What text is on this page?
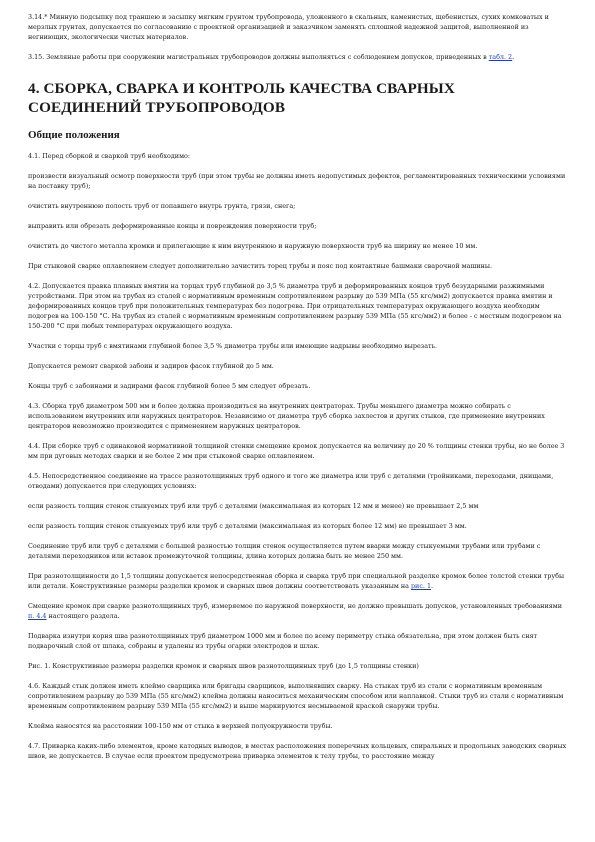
3.14.* Минную подсыпку под траншею и засыпку мягким грунтом трубопровода, уложенного в скальных, каменистых, щебенистых, сухих комковатых и мерзлых грунтах, допускается по согласованию с проектной организацией и заказчиком заменять сплошной надежной защитой, выполненной из негниющих, экологически чистых материалов.

3.15. Земляные работы при сооружении магистральных трубопроводов должны выполняться с соблюдением допусков, приведенных в табл. 2.

4. СБОРКА, СВАРКА И КОНТРОЛЬ КАЧЕСТВА СВАРНЫХ СОЕДИНЕНИЙ ТРУБОПРОВОДОВ
Общие положения

4.1. Перед сборкой и сваркой труб необходимо:

произвести визуальный осмотр поверхности труб (при этом трубы не должны иметь недопустимых дефектов, регламентированных техническими условиями на поставку труб);

очистить внутреннюю полость труб от попавшего внутрь грунта, грязи, снега;

выправить или обрезать деформированные концы и повреждения поверхности труб;

очистить до чистого металла кромки и прилегающие к ним внутреннюю и наружную поверхности труб на ширину не менее 10 мм.

При стыковой сварке оплавлением следует дополнительно зачистить торец трубы и пояс под контактные башмаки сварочной машины.

4.2. Допускается правка плавных вмятин на торцах труб глубиной до 3,5 % диаметра труб и деформированных концов труб безударными разжимными устройствами. При этом на трубах из сталей с нормативным временным сопротивлением разрыву до 539 МПа (55 кгс/мм2) допускается правка вмятин и деформированных концов труб при положительных температурах без подогрева. При отрицательных температурах окружающего воздуха необходим подогрев на 100-150 °С. На трубах из сталей с нормативным временным сопротивлением разрыву 539 МПа (55 кгс/мм2) и более - с местным подогревом на 150-200 °С при любых температурах окружающего воздуха.

Участки с торцы труб с вмятинами глубиной более 3,5 % диаметра трубы или имеющие надрывы необходимо вырезать.

Допускается ремонт сваркой забоин и задиров фасок глубиной до 5 мм.

Концы труб с забоинами и задирами фасок глубиной более 5 мм следует обрезать.

4.3. Сборка труб диаметром 500 мм и более должна производиться на внутренних центраторах. Трубы меньшего диаметра можно собирать с использованием внутренних или наружных центраторов. Независимо от диаметра труб сборка захлестов и других стыков, где применение внутренних центраторов невозможно производится с применением наружных центраторов.

4.4. При сборке труб с одинаковой нормативной толщиной стенки смещение кромок допускается на величину до 20 % толщины стенки трубы, но не более 3 мм при дуговых методах сварки и не более 2 мм при стыковой сварке оплавлением.

4.5. Непосредственное соединение на трассе разнотолщинных труб одного и того же диаметра или труб с деталями (тройниками, переходами, днищами, отводами) допускается при следующих условиях:

если разность толщин стенок стыкуемых труб или труб с деталями (максимальная из которых 12 мм и менее) не превышает 2,5 мм

если разность толщин стенок стыкуемых труб или труб с деталями (максимальная из которых более 12 мм) не превышает 3 мм.

Соединение труб или труб с деталями с большей разностью толщин стенок осуществляется путем вварки между стыкуемыми трубами или трубами с деталями переходников или вставок промежуточной толщины, длина которых должна быть не менее 250 мм.

При разнотолщинности до 1,5 толщины допускается непосредственная сборка и сварка труб при специальной разделке кромок более толстой стенки трубы или детали. Конструктивные размеры разделки кромок и сварных швов должны соответствовать указанным на рис. 1.

Смещение кромок при сварке разнотолщинных труб, измеряемое по наружной поверхности, не должно превышать допусков, установленных требованиями п. 4.4 настоящего раздела.

Подварка изнутри корня шва разнотолщинных труб диаметром 1000 мм и более по всему периметру стыка обязательна, при этом должен быть снят подварочный слой от шлака, собраны и удалены из трубы огарки электродов и шлак.

Рис. 1. Конструктивные размеры разделки кромок и сварных швов разнотолщинных труб (до 1,5 толщины стенки)

4.6. Каждый стык должен иметь клеймо сварщика или бригады сварщиков, выполнявших сварку. На стыках труб из стали с нормативным временным сопротивлением разрыву до 539 МПа (55 кгс/мм2) клейма должны наноситься механическим способом или наплавкой. Стыки труб из стали с нормативным временным сопротивлением разрыву 539 МПа (55 кгс/мм2) и выше маркируются несмываемой краской снаружи трубы.

Клейма наносятся на расстоянии 100-150 мм от стыка в верхней полуокружности трубы.

4.7. Приварка каких-либо элементов, кроме катодных выводов, в местах расположения поперечных кольцевых, спиральных и продольных заводских сварных швов, не допускается. В случае если проектом предусмотрена приварка элементов к телу трубы, то расстояние между
